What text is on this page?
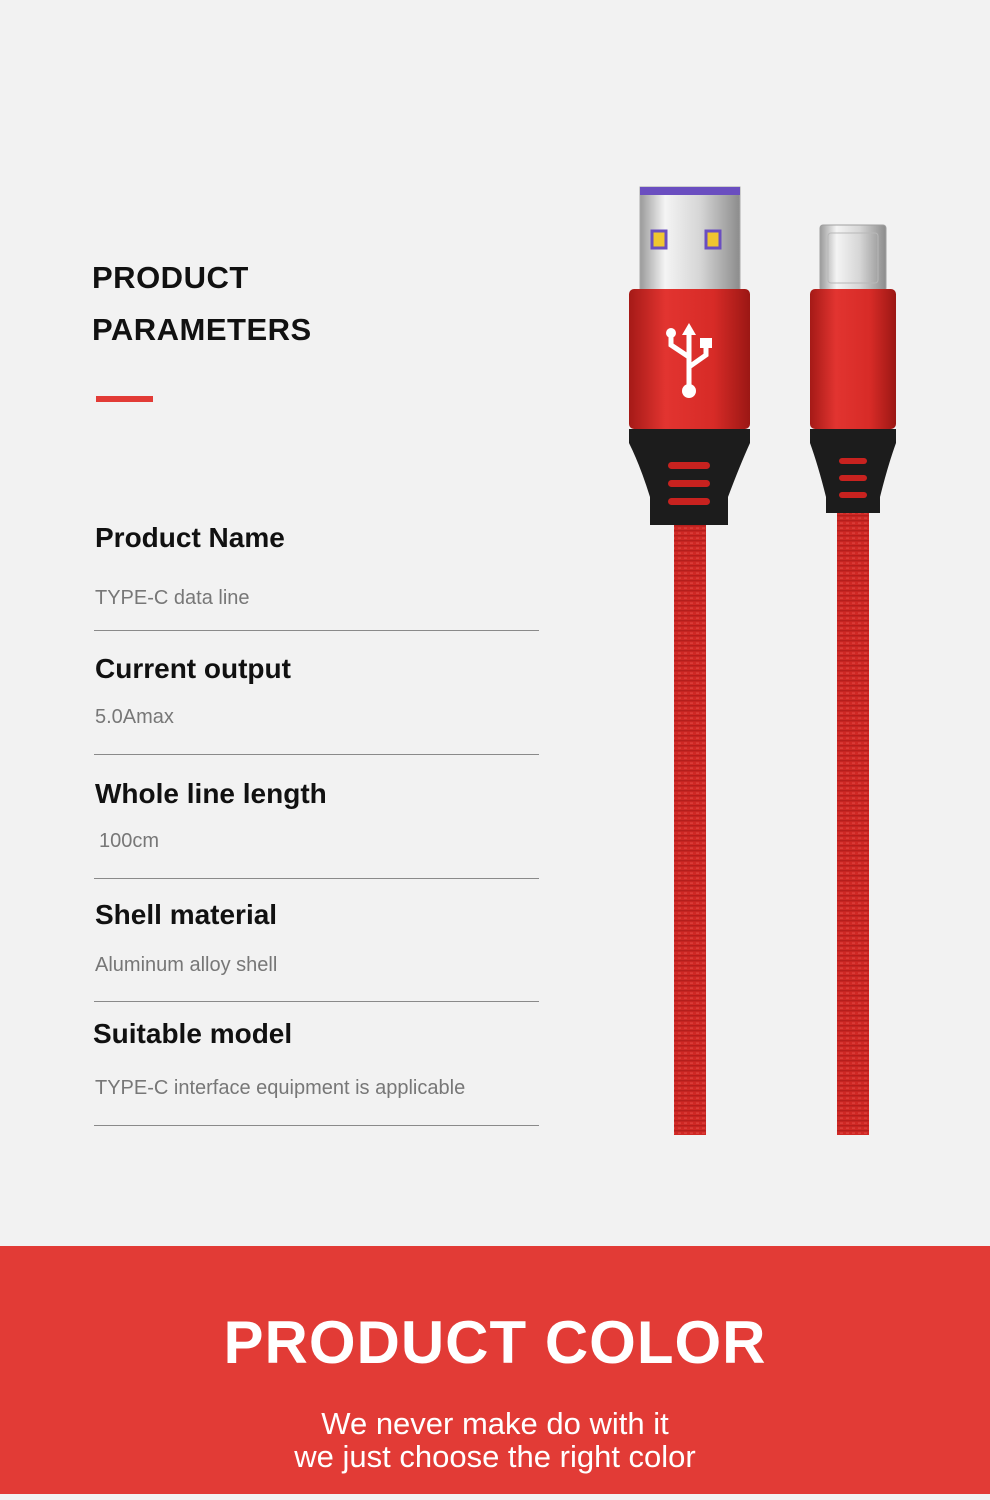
PRODUCT
PARAMETERS

Product Name

TYPE-C data line

Current output

5.0Amax

Whole line length

100cm

Shell material

Aluminum alloy shell

Suitable model

TYPE-C interface equipment is applicable

PRODUCT COLOR

We never make do with it

we just choose the right color
